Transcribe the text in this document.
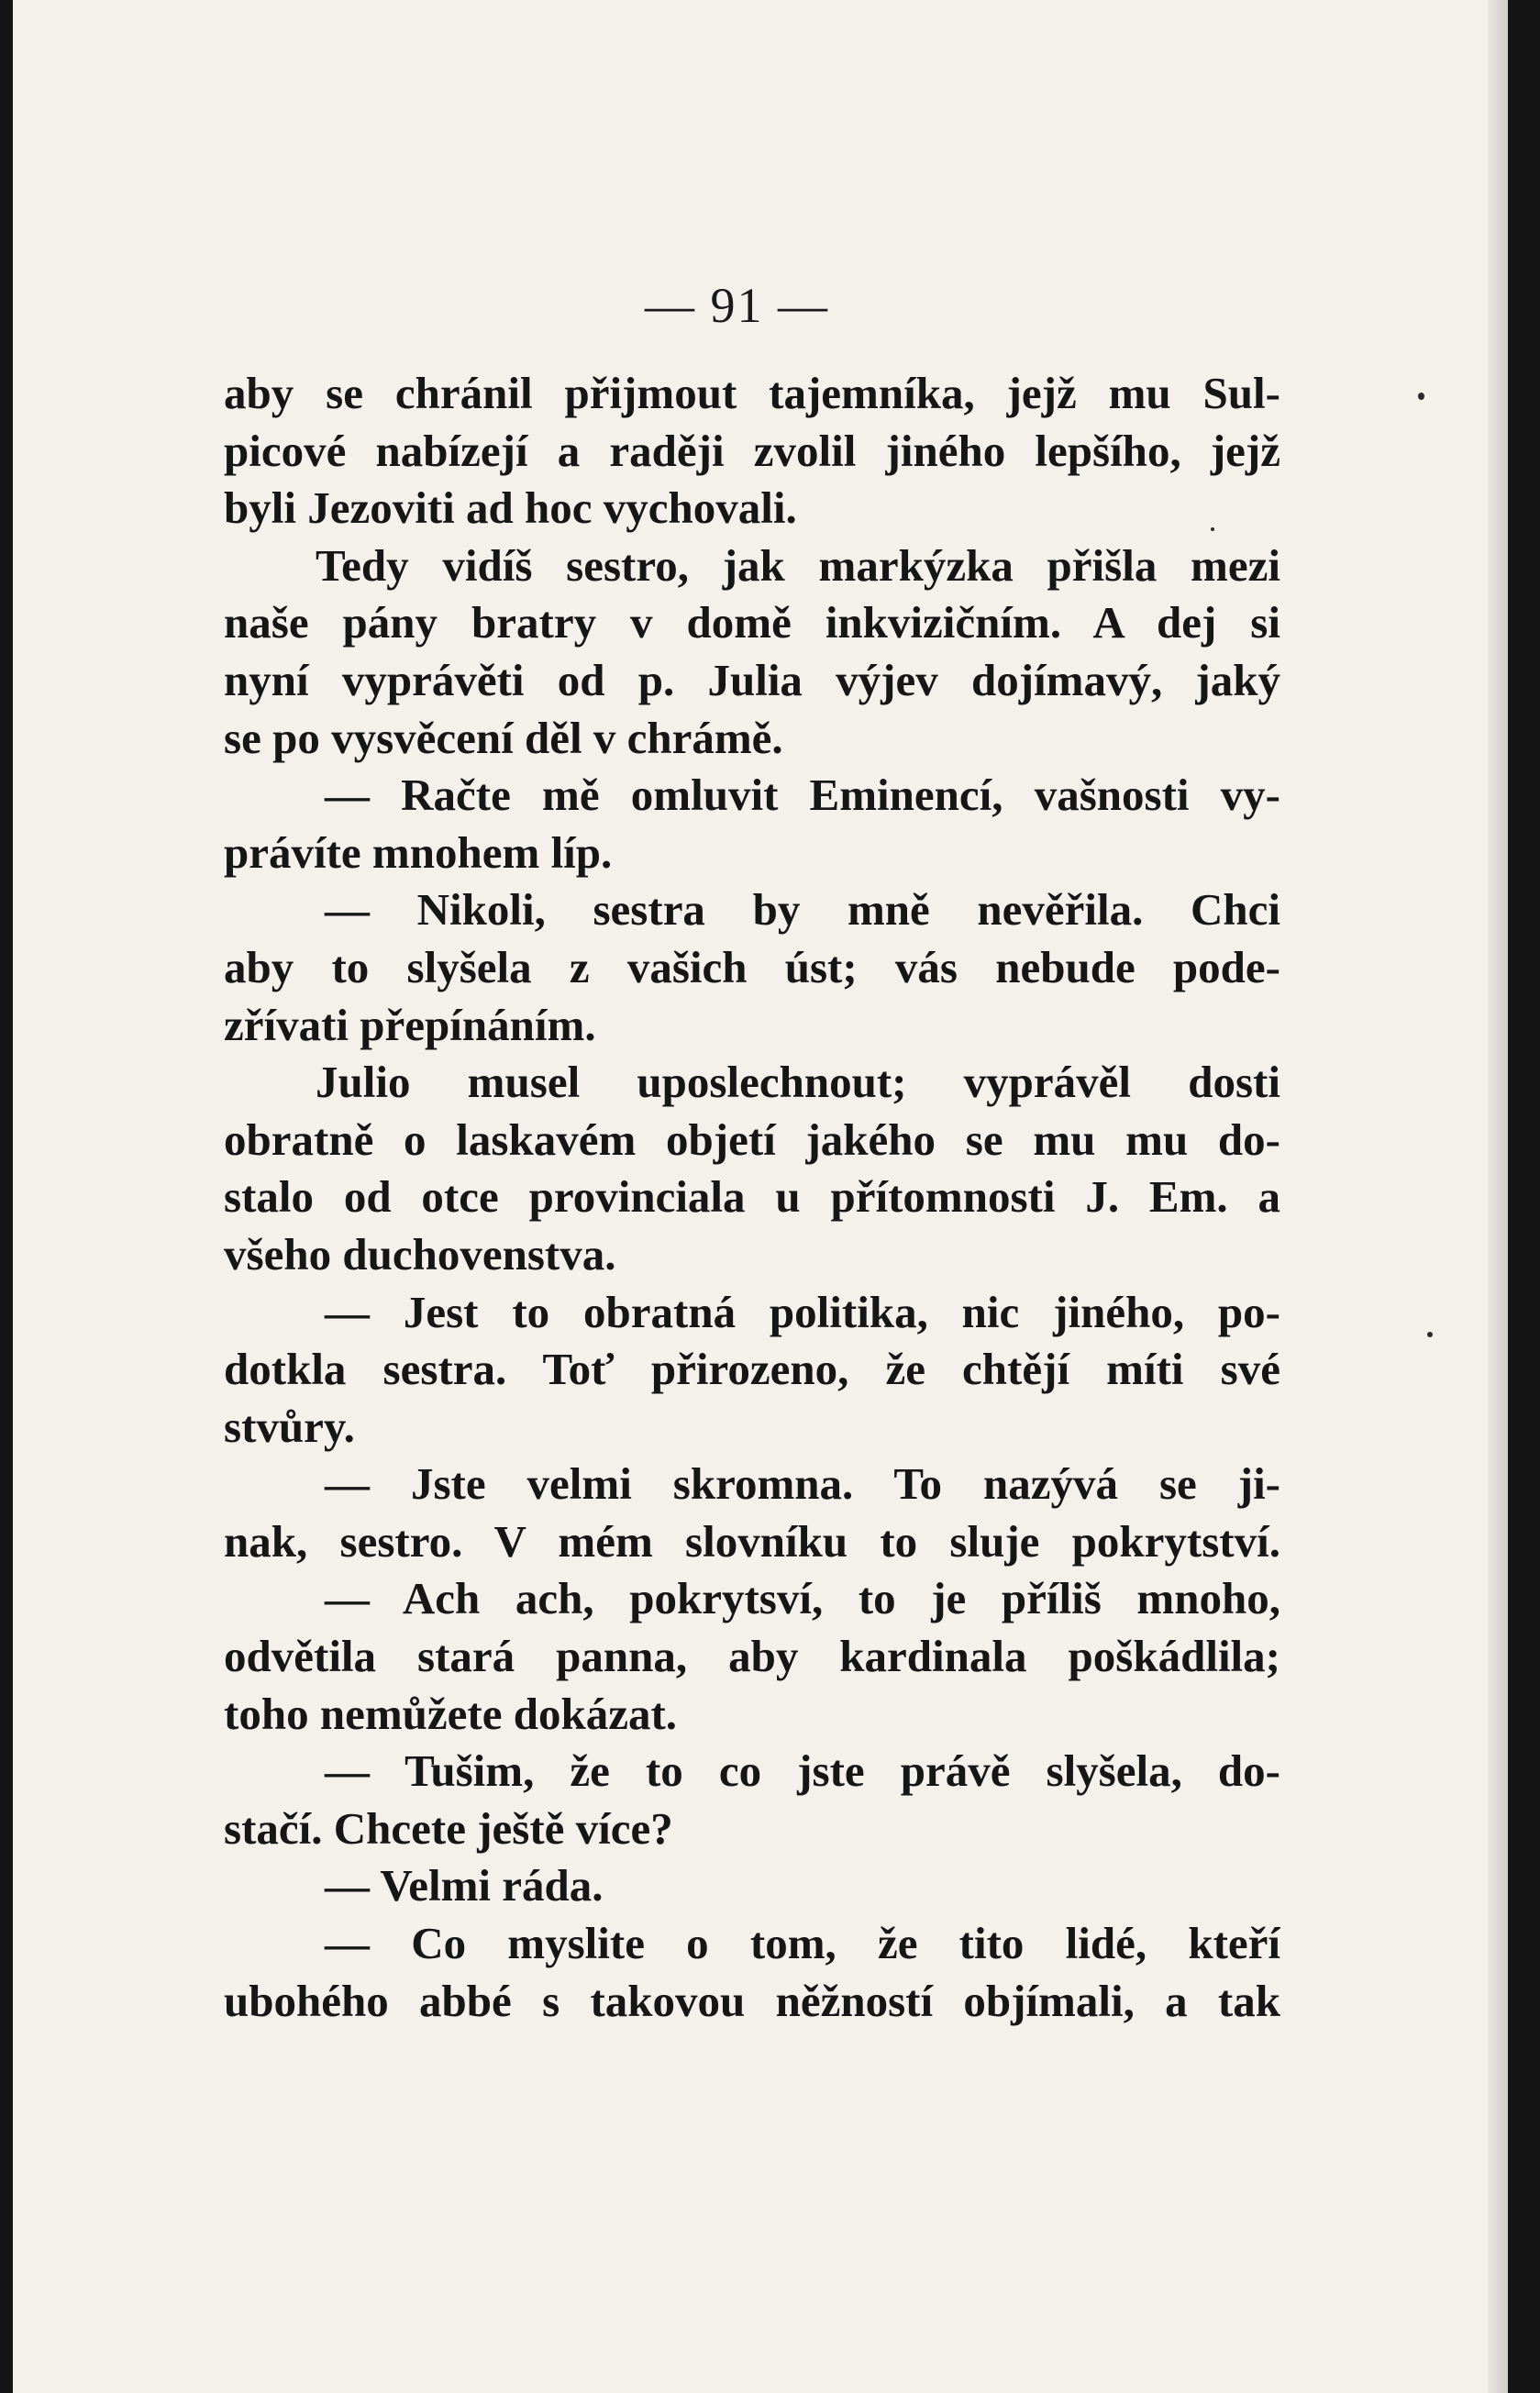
— 91 —
aby se chránil přijmout tajemníka, jejž mu Sul-
picové nabízejí a raději zvolil jiného lepšího, jejž
byli Jezoviti ad hoc vychovali.
Tedy vidíš sestro, jak markýzka přišla mezi
naše pány bratry v domě inkvizičním. A dej si
nyní vyprávěti od p. Julia výjev dojímavý, jaký
se po vysvěcení děl v chrámě.
— Račte mě omluvit Eminencí, vašnosti vy-
právíte mnohem líp.
— Nikoli, sestra by mně nevěřila. Chci
aby to slyšela z vašich úst; vás nebude pode-
zřívati přepínáním.
Julio musel uposlechnout; vyprávěl dosti
obratně o laskavém objetí jakého se mu mu do-
stalo od otce provinciala u přítomnosti J. Em. a
všeho duchovenstva.
— Jest to obratná politika, nic jiného, po-
dotkla sestra. Toť přirozeno, že chtějí míti své
stvůry.
— Jste velmi skromna. To nazývá se ji-
nak, sestro. V mém slovníku to sluje pokrytství.
— Ach ach, pokrytsví, to je příliš mnoho,
odvětila stará panna, aby kardinala poškádlila;
toho nemůžete dokázat.
— Tušim, že to co jste právě slyšela, do-
stačí. Chcete ještě více?
— Velmi ráda.
— Co myslite o tom, že tito lidé, kteří
ubohého abbé s takovou něžností objímali, a tak
